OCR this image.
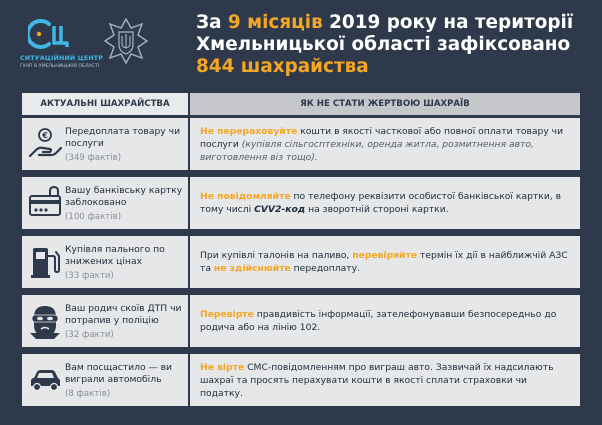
СИТУАЦІЙНИЙ ЦЕНТР
ГУНП В ХМЕЛЬНИЦЬКІЙ ОБЛАСТІ
За 9 місяців 2019 року на території
Хмельницької області зафіксовано
844 шахрайства
АКТУАЛЬНІ ШАХРАЙСТВА	ЯК НЕ СТАТИ ЖЕРТВОЮ ШАХРАЇВ
€ Передоплата товару чи послуги
(349 фактів)
Не перераховуйте кошти в якості часткової або повної оплати товару чи послуги (купівля сільгосптехніки, оренда житла, розмитнення авто, виготовлення віз тощо).
Вашу банківську картку заблоковано
(100 фактів)
Не повідомляйте по телефону реквізити особистої банківської картки, в тому числі CVV2-код на зворотній стороні картки.
Купівля пального по знижених цінах
(33 факти)
При купівлі талонів на паливо, перевіряйте термін їх дії в найближчій АЗС та не здійснюйте передоплату.
Ваш родич скоїв ДТП чи потрапив у поліцію
(32 факти)
Перевірте правдивість інформації, зателефонувавши безпосередньо до родича або на лінію 102.
Вам посщастило — ви виграли автомобіль
(8 фактів)
Не вірте СМС-повідомленням про виграш авто. Зазвичай їх надсилають шахраї та просять перахувати кошти в якості сплати страховки чи податку.
